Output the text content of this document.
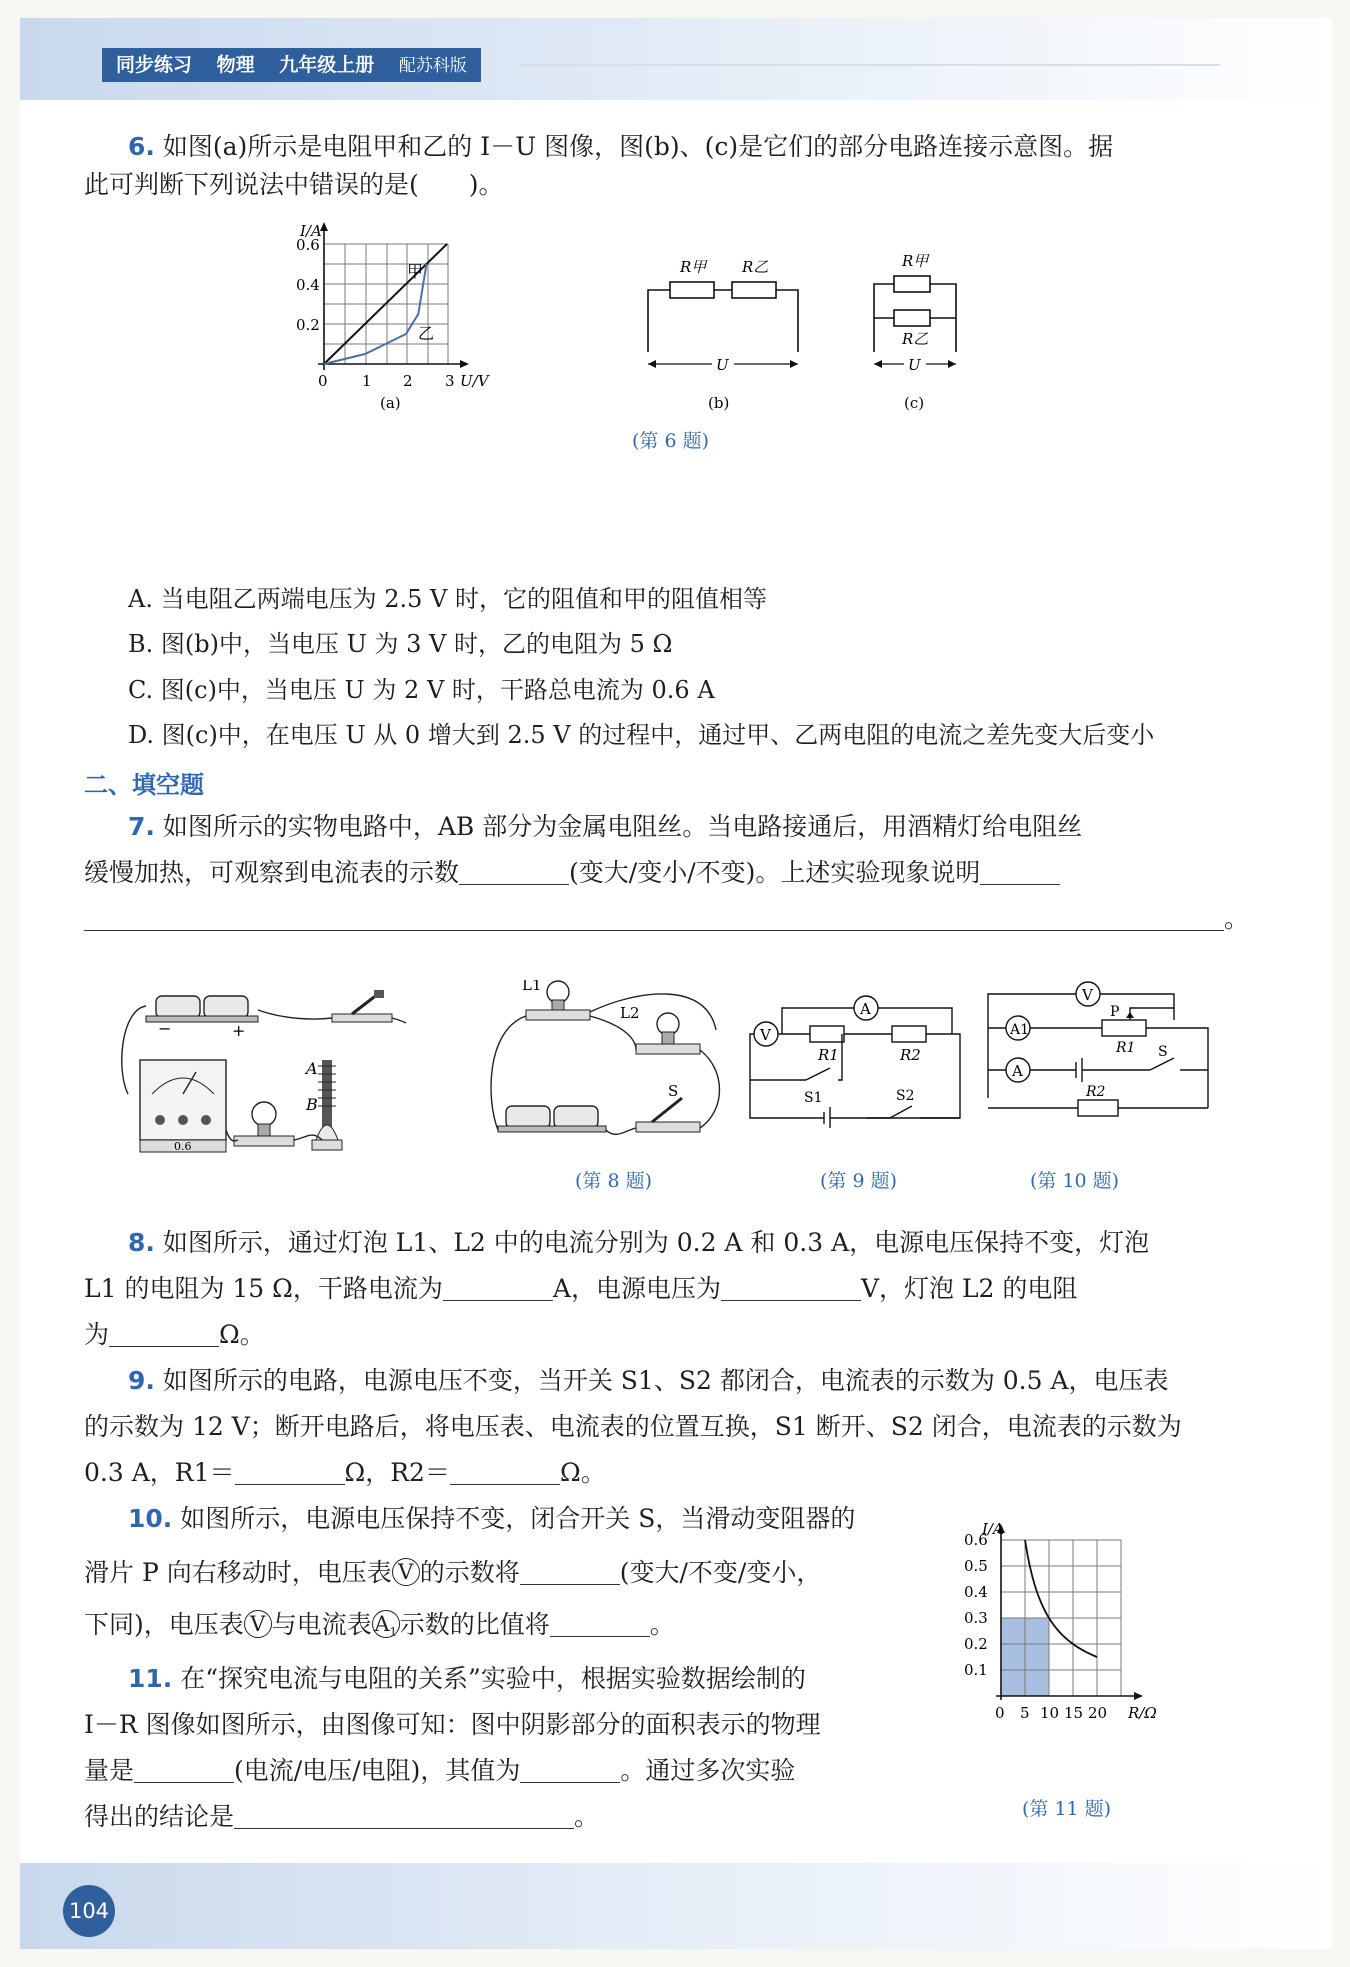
同步练习 物理 九年级上册 配苏科版
6. 如图(a)所示是电阻甲和乙的 I－U 图像，图(b)、(c)是它们的部分电路连接示意图。据
此可判断下列说法中错误的是(　　)。
I/A
0.6
0.4
0.2
0 1 2 3 U/V
甲
乙
(a)
R甲 R乙
U
(b)
R甲
R乙
U
(c)
(第 6 题)
A. 当电阻乙两端电压为 2.5 V 时，它的阻值和甲的阻值相等
B. 图(b)中，当电压 U 为 3 V 时，乙的电阻为 5 Ω
C. 图(c)中，当电压 U 为 2 V 时，干路总电流为 0.6 A
D. 图(c)中，在电压 U 从 0 增大到 2.5 V 的过程中，通过甲、乙两电阻的电流之差先变大后变小
二、填空题
7. 如图所示的实物电路中，AB 部分为金属电阻丝。当电路接通后，用酒精灯给电阻丝
缓慢加热，可观察到电流表的示数	(变大/变小/不变)。上述实验现象说明
。
−	+
0.6
A
B
L1
L2
S
(第 8 题)
A
V
R1	R2
S1	S2
(第 9 题)
V
A1
P
R1
A
S
R2
(第 10 题)
8. 如图所示，通过灯泡 L1、L2 中的电流分别为 0.2 A 和 0.3 A，电源电压保持不变，灯泡
L1 的电阻为 15 Ω，干路电流为	A，电源电压为	V，灯泡 L2 的电阻
为	Ω。
9. 如图所示的电路，电源电压不变，当开关 S1、S2 都闭合，电流表的示数为 0.5 A，电压表
的示数为 12 V；断开电路后，将电压表、电流表的位置互换，S1 断开、S2 闭合，电流表的示数为
0.3 A，R1＝	Ω，R2＝	Ω。
10. 如图所示，电源电压保持不变，闭合开关 S，当滑动变阻器的
滑片 P 向右移动时，电压表 V 的示数将	(变大/不变/变小，
下同)，电压表 V 与电流表 $A_1$ 示数的比值将	。
11. 在“探究电流与电阻的关系”实验中，根据实验数据绘制的
I－R 图像如图所示，由图像可知：图中阴影部分的面积表示的物理
量是	(电流/电压/电阻)，其值为	。通过多次实验
得出的结论是	。
I/A
0.6
0.5
0.4
0.3
0.2
0.1
0 5 10 15 20 R/Ω
(第 11 题)
104
